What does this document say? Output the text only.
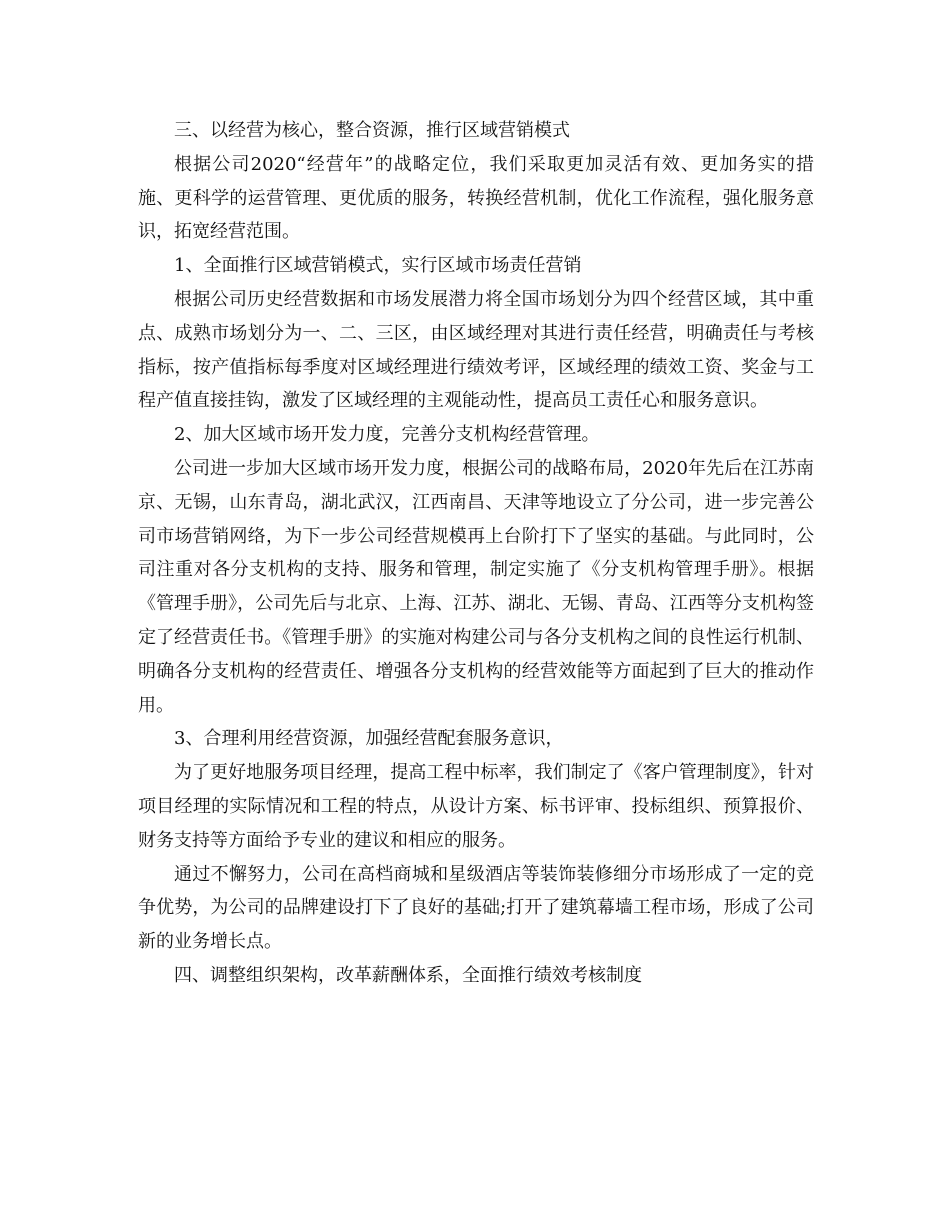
三、以经营为核心，整合资源，推行区域营销模式

根据公司2020“经营年”的战略定位，我们采取更加灵活有效、更加务实的措施、更科学的运营管理、更优质的服务，转换经营机制，优化工作流程，强化服务意识，拓宽经营范围。

1、全面推行区域营销模式，实行区域市场责任营销

根据公司历史经营数据和市场发展潜力将全国市场划分为四个经营区域，其中重点、成熟市场划分为一、二、三区，由区域经理对其进行责任经营，明确责任与考核指标，按产值指标每季度对区域经理进行绩效考评，区域经理的绩效工资、奖金与工程产值直接挂钩，激发了区域经理的主观能动性，提高员工责任心和服务意识。

2、加大区域市场开发力度，完善分支机构经营管理。

公司进一步加大区域市场开发力度，根据公司的战略布局，2020年先后在江苏南京、无锡，山东青岛，湖北武汉，江西南昌、天津等地设立了分公司，进一步完善公司市场营销网络，为下一步公司经营规模再上台阶打下了坚实的基础。与此同时，公司注重对各分支机构的支持、服务和管理，制定实施了《分支机构管理手册》。根据《管理手册》，公司先后与北京、上海、江苏、湖北、无锡、青岛、江西等分支机构签定了经营责任书。《管理手册》的实施对构建公司与各分支机构之间的良性运行机制、明确各分支机构的经营责任、增强各分支机构的经营效能等方面起到了巨大的推动作用。

3、合理利用经营资源，加强经营配套服务意识，

为了更好地服务项目经理，提高工程中标率，我们制定了《客户管理制度》，针对项目经理的实际情况和工程的特点，从设计方案、标书评审、投标组织、预算报价、财务支持等方面给予专业的建议和相应的服务。

通过不懈努力，公司在高档商城和星级酒店等装饰装修细分市场形成了一定的竞争优势，为公司的品牌建设打下了良好的基础;打开了建筑幕墙工程市场，形成了公司新的业务增长点。

四、调整组织架构，改革薪酬体系，全面推行绩效考核制度
